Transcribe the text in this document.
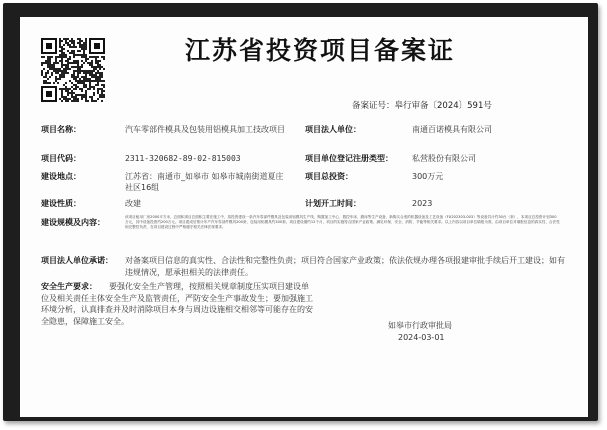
江苏省投资项目备案证
备案证号：皋行审备〔2024〕591号
项目名称：	汽车零部件模具及包装用铝模具加工技改项目	项目法人单位：	南通百诺模具有限公司
项目代码：	2311-320682-89-02-815003	项目单位登记注册类型： 私营股份有限公司
建设地点：	江苏省：南通市_如皋市 如皋市城南街道夏庄社区16组
项目总投资：	300万元
建设性质：	改建	计划开工时间：	2023
建设规模及内容：
该项目租用厂房2000平方米，总面积项目总面积主要在施工中，拟投资建设一条汽车零部件模具及包装用铝模具生产线，购置加工中心、数控车床、磨床等生产设备，新购买合适的机器设备及工艺设备（FX202303-003）等设备共计约30台（套），本项目总投资计划300万元，其中设备投资约200万元。项目建成后预计年产汽车零部件模具200套，包装用铝模具约300套。项目建设期约12个月，项目的实施符合国家产业政策，满足环保、安全、消防、节能等相关要求。以上内容以项目单位填报为准，由项目单位对填报信息的真实性、合法性和完整性负责，在项目建设过程中严格遵守相关法律法规要求。
项目法人单位承诺： 对备案项目信息的真实性、合法性和完整性负责；项目符合国家产业政策；依法依规办理各项报建审批手续后开工建设；如有违规情况，愿承担相关的法律责任。
安全生产要求：	要强化安全生产管理，按照相关规章制度压实项目建设单位及相关责任主体安全生产及监管责任，严防安全生产事故发生；要加强施工环境分析，认真排查并及时消除项目本身与周边设施相交相邻等可能存在的安全隐患，保障施工安全。	如皋市行政审批局
2024-03-01
